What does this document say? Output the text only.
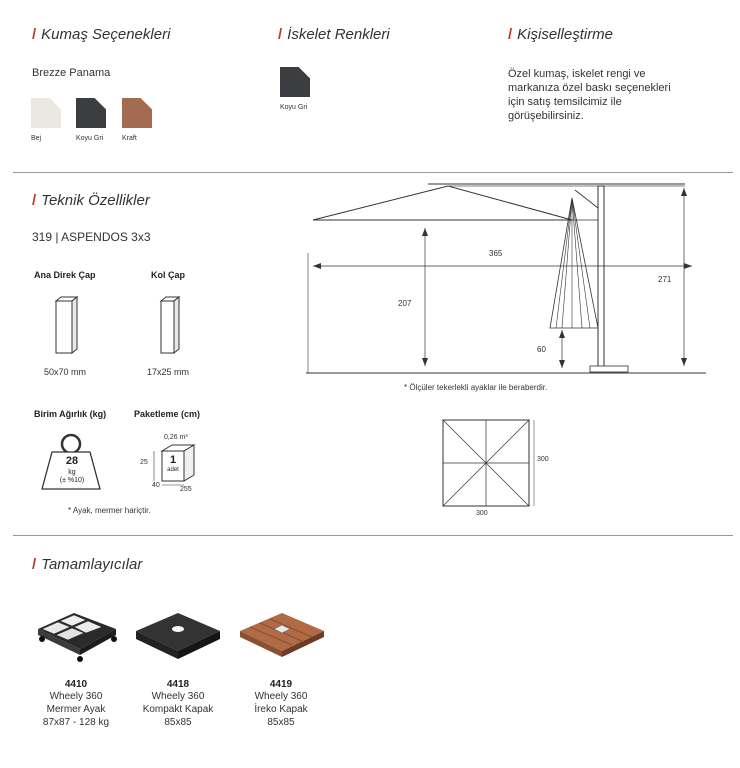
/ Kumaş Seçenekleri
Brezze Panama
Bej	Koyu Gri	Kraft
/ İskelet Renkleri
Koyu Gri
/ Kişiselleştirme
Özel kumaş, iskelet rengi ve
markanıza özel baskı seçenekleri
için satış temsilcimiz ile
görüşebilirsiniz.
/ Teknik Özellikler
319 | ASPENDOS 3x3
Ana Direk Çap
50x70 mm
Kol Çap
17x25 mm
Birim Ağırlık (kg)
28
kg
(± %10)
Paketleme (cm)
0,26 m³
25	1
adet
40
255
* Ayak, mermer hariçtir.
365
207
60
271
* Ölçüler tekerlekli ayaklar ile beraberdir.
300
300
/ Tamamlayıcılar
4410
Wheely 360
Mermer Ayak
87x87 - 128 kg
4418
Wheely 360
Kompakt Kapak
85x85
4419
Wheely 360
İreko Kapak
85x85
